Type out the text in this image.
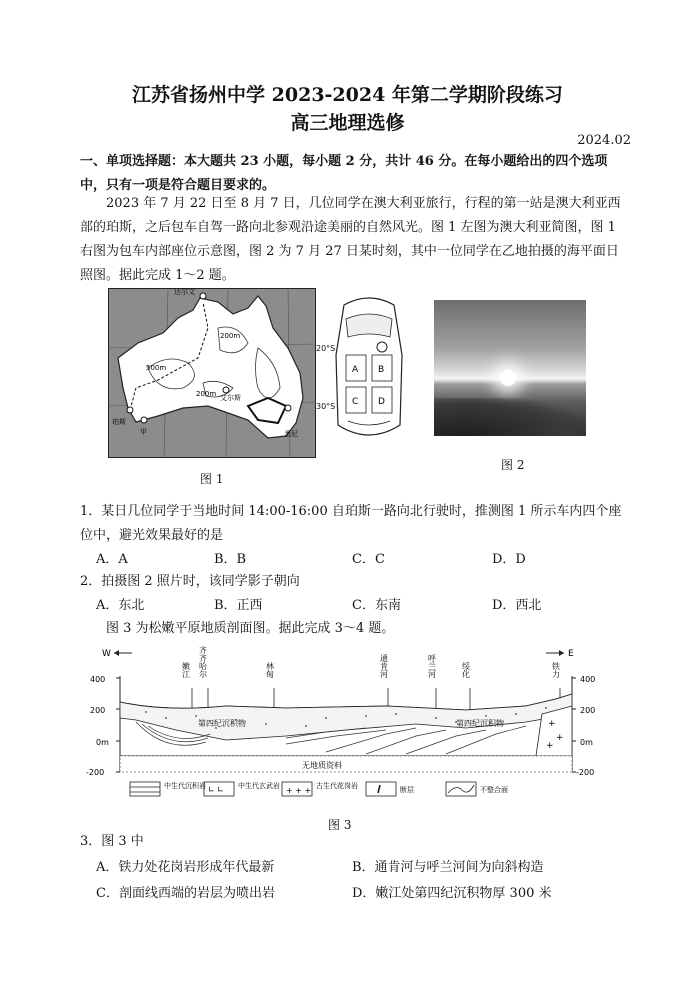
江苏省扬州中学 2023-2024 年第二学期阶段练习
高三地理选修
2024.02
一、单项选择题：本大题共 23 小题，每小题 2 分，共计 46 分。在每小题给出的四个选项中，只有一项是符合题目要求的。
2023 年 7 月 22 日至 8 月 7 日，几位同学在澳大利亚旅行，行程的第一站是澳大利亚西部的珀斯，之后包车自驾一路向北参观沿途美丽的自然风光。图 1 左图为澳大利亚简图，图 1 右图为包车内部座位示意图，图 2 为 7 月 27 日某时刻，其中一位同学在乙地拍摄的海平面日照图。据此完成 1～2 题。
达尔文
艾尔斯
珀斯
甲	悉尼
500m
200m
200m
20°S
30°S
A B
C D
图 1
图 2
1．某日几位同学于当地时间 14:00-16:00 自珀斯一路向北行驶时，推测图 1 所示车内四个座位中，避光效果最好的是
A．A	B．B	C．C	D．D
2．拍摄图 2 照片时，该同学影子朝向
A．东北	B．正西	C．东南	D．西北
图 3 为松嫩平原地质剖面图。据此完成 3～4 题。
400
200
0m
-200
400
200
0m
-200
W	E
+
+
+
第四纪沉积物	第四纪沉积物
无地质资料
嫩江 齐齐哈尔	林甸	通肯河	呼兰河	绥化	铁力
∟ ∟	+ + +
中生代沉积岩	中生代玄武岩	古生代花岗岩	断层	不整合面
图 3
3．图 3 中
A．铁力处花岗岩形成年代最新	B．通肯河与呼兰河间为向斜构造
C．剖面线西端的岩层为喷出岩	D．嫩江处第四纪沉积物厚 300 米
